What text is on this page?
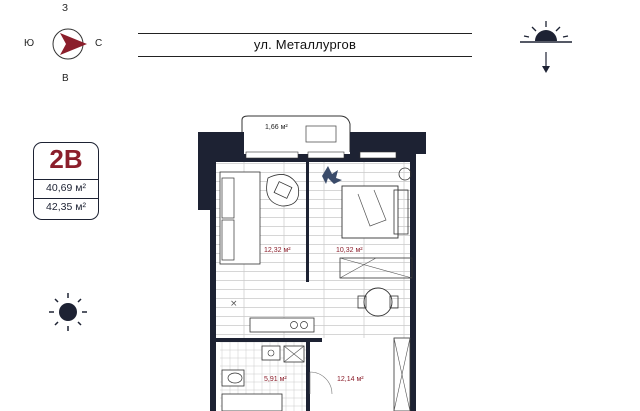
З
Ю	С
В
ул. Металлургов
2В
40,69 м²
42,35 м²
×
1,66 м²
12,32 м²	10,32 м²
5,91 м²	12,14 м²
